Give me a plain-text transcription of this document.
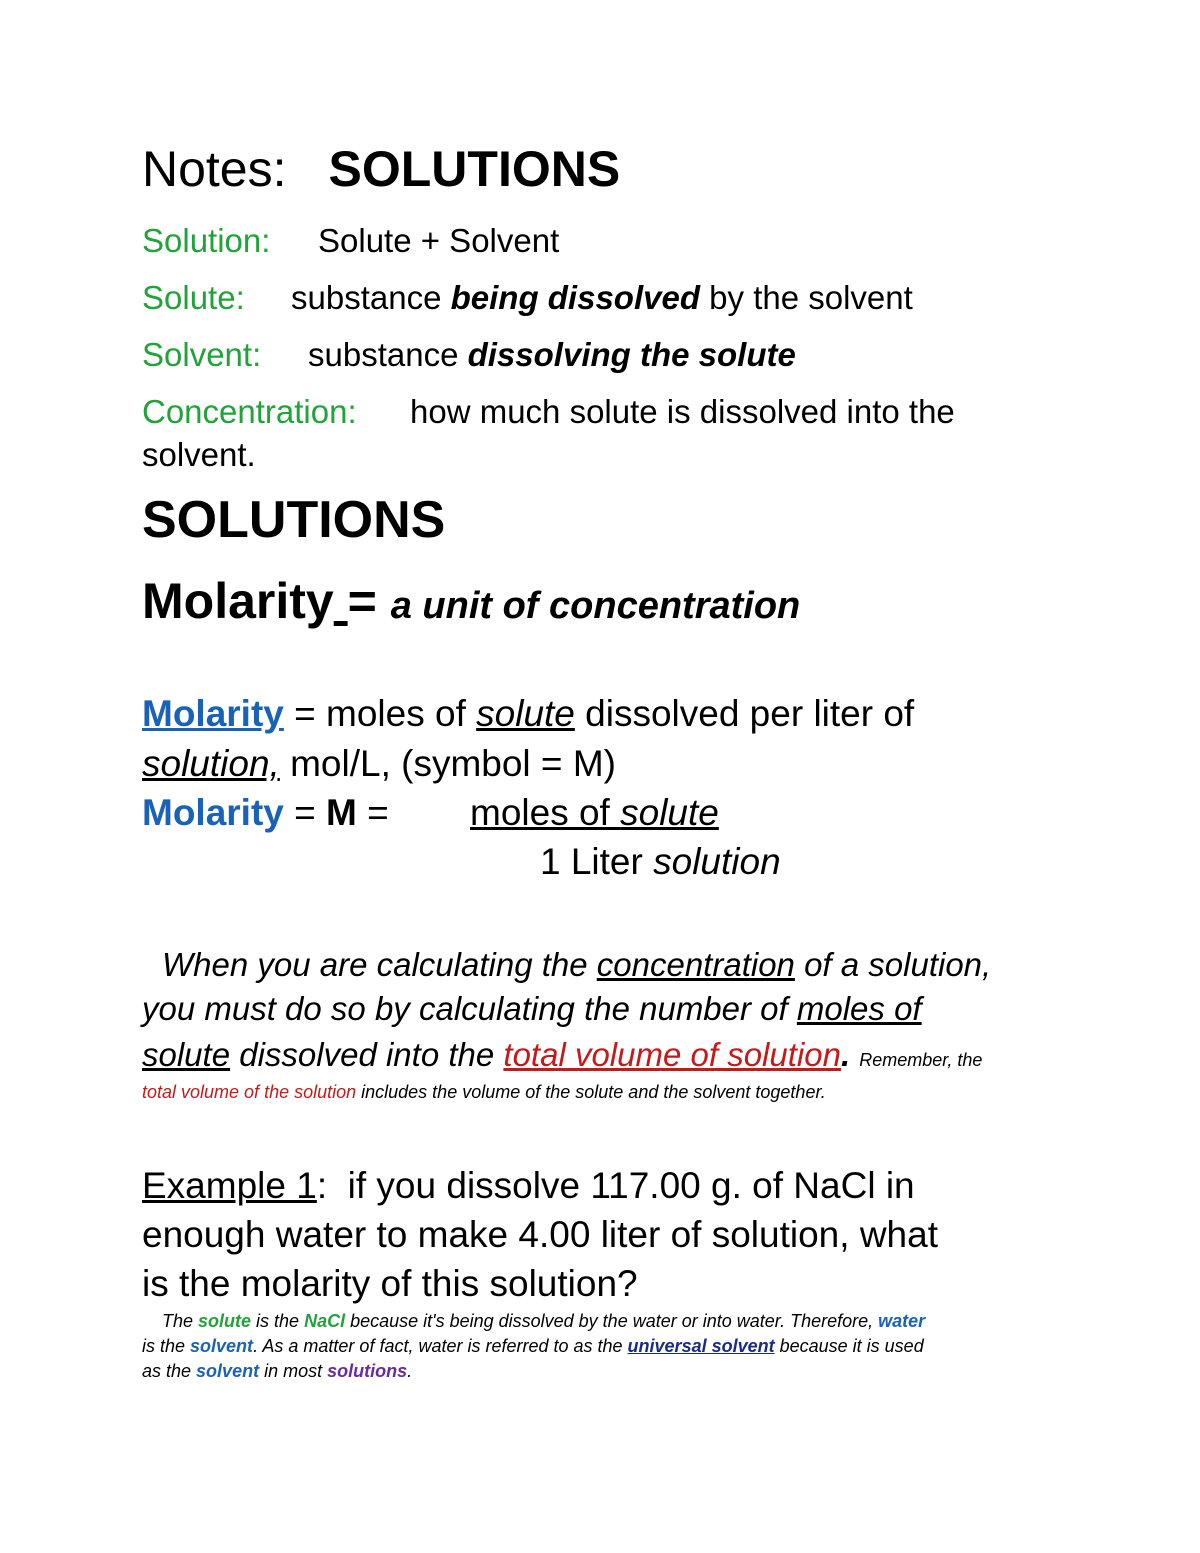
Notes: SOLUTIONS
Solution: Solute + Solvent
Solute: substance being dissolved by the solvent
Solvent: substance dissolving the solute
Concentration: how much solute is dissolved into the
solvent.
SOLUTIONS
Molarity = a unit of concentration
Molarity = moles of solute dissolved per liter of
solution, mol/L, (symbol = M)
Molarity = M = moles of solute
1 Liter solution
When you are calculating the concentration of a solution,
you must do so by calculating the number of moles of
solute dissolved into the total volume of solution. Remember, the
total volume of the solution includes the volume of the solute and the solvent together.
Example 1:  if you dissolve 117.00 g. of NaCl in
enough water to make 4.00 liter of solution, what
is the molarity of this solution?
The solute is the NaCl because it's being dissolved by the water or into water. Therefore, water
is the solvent. As a matter of fact, water is referred to as the universal solvent because it is used
as the solvent in most solutions.
